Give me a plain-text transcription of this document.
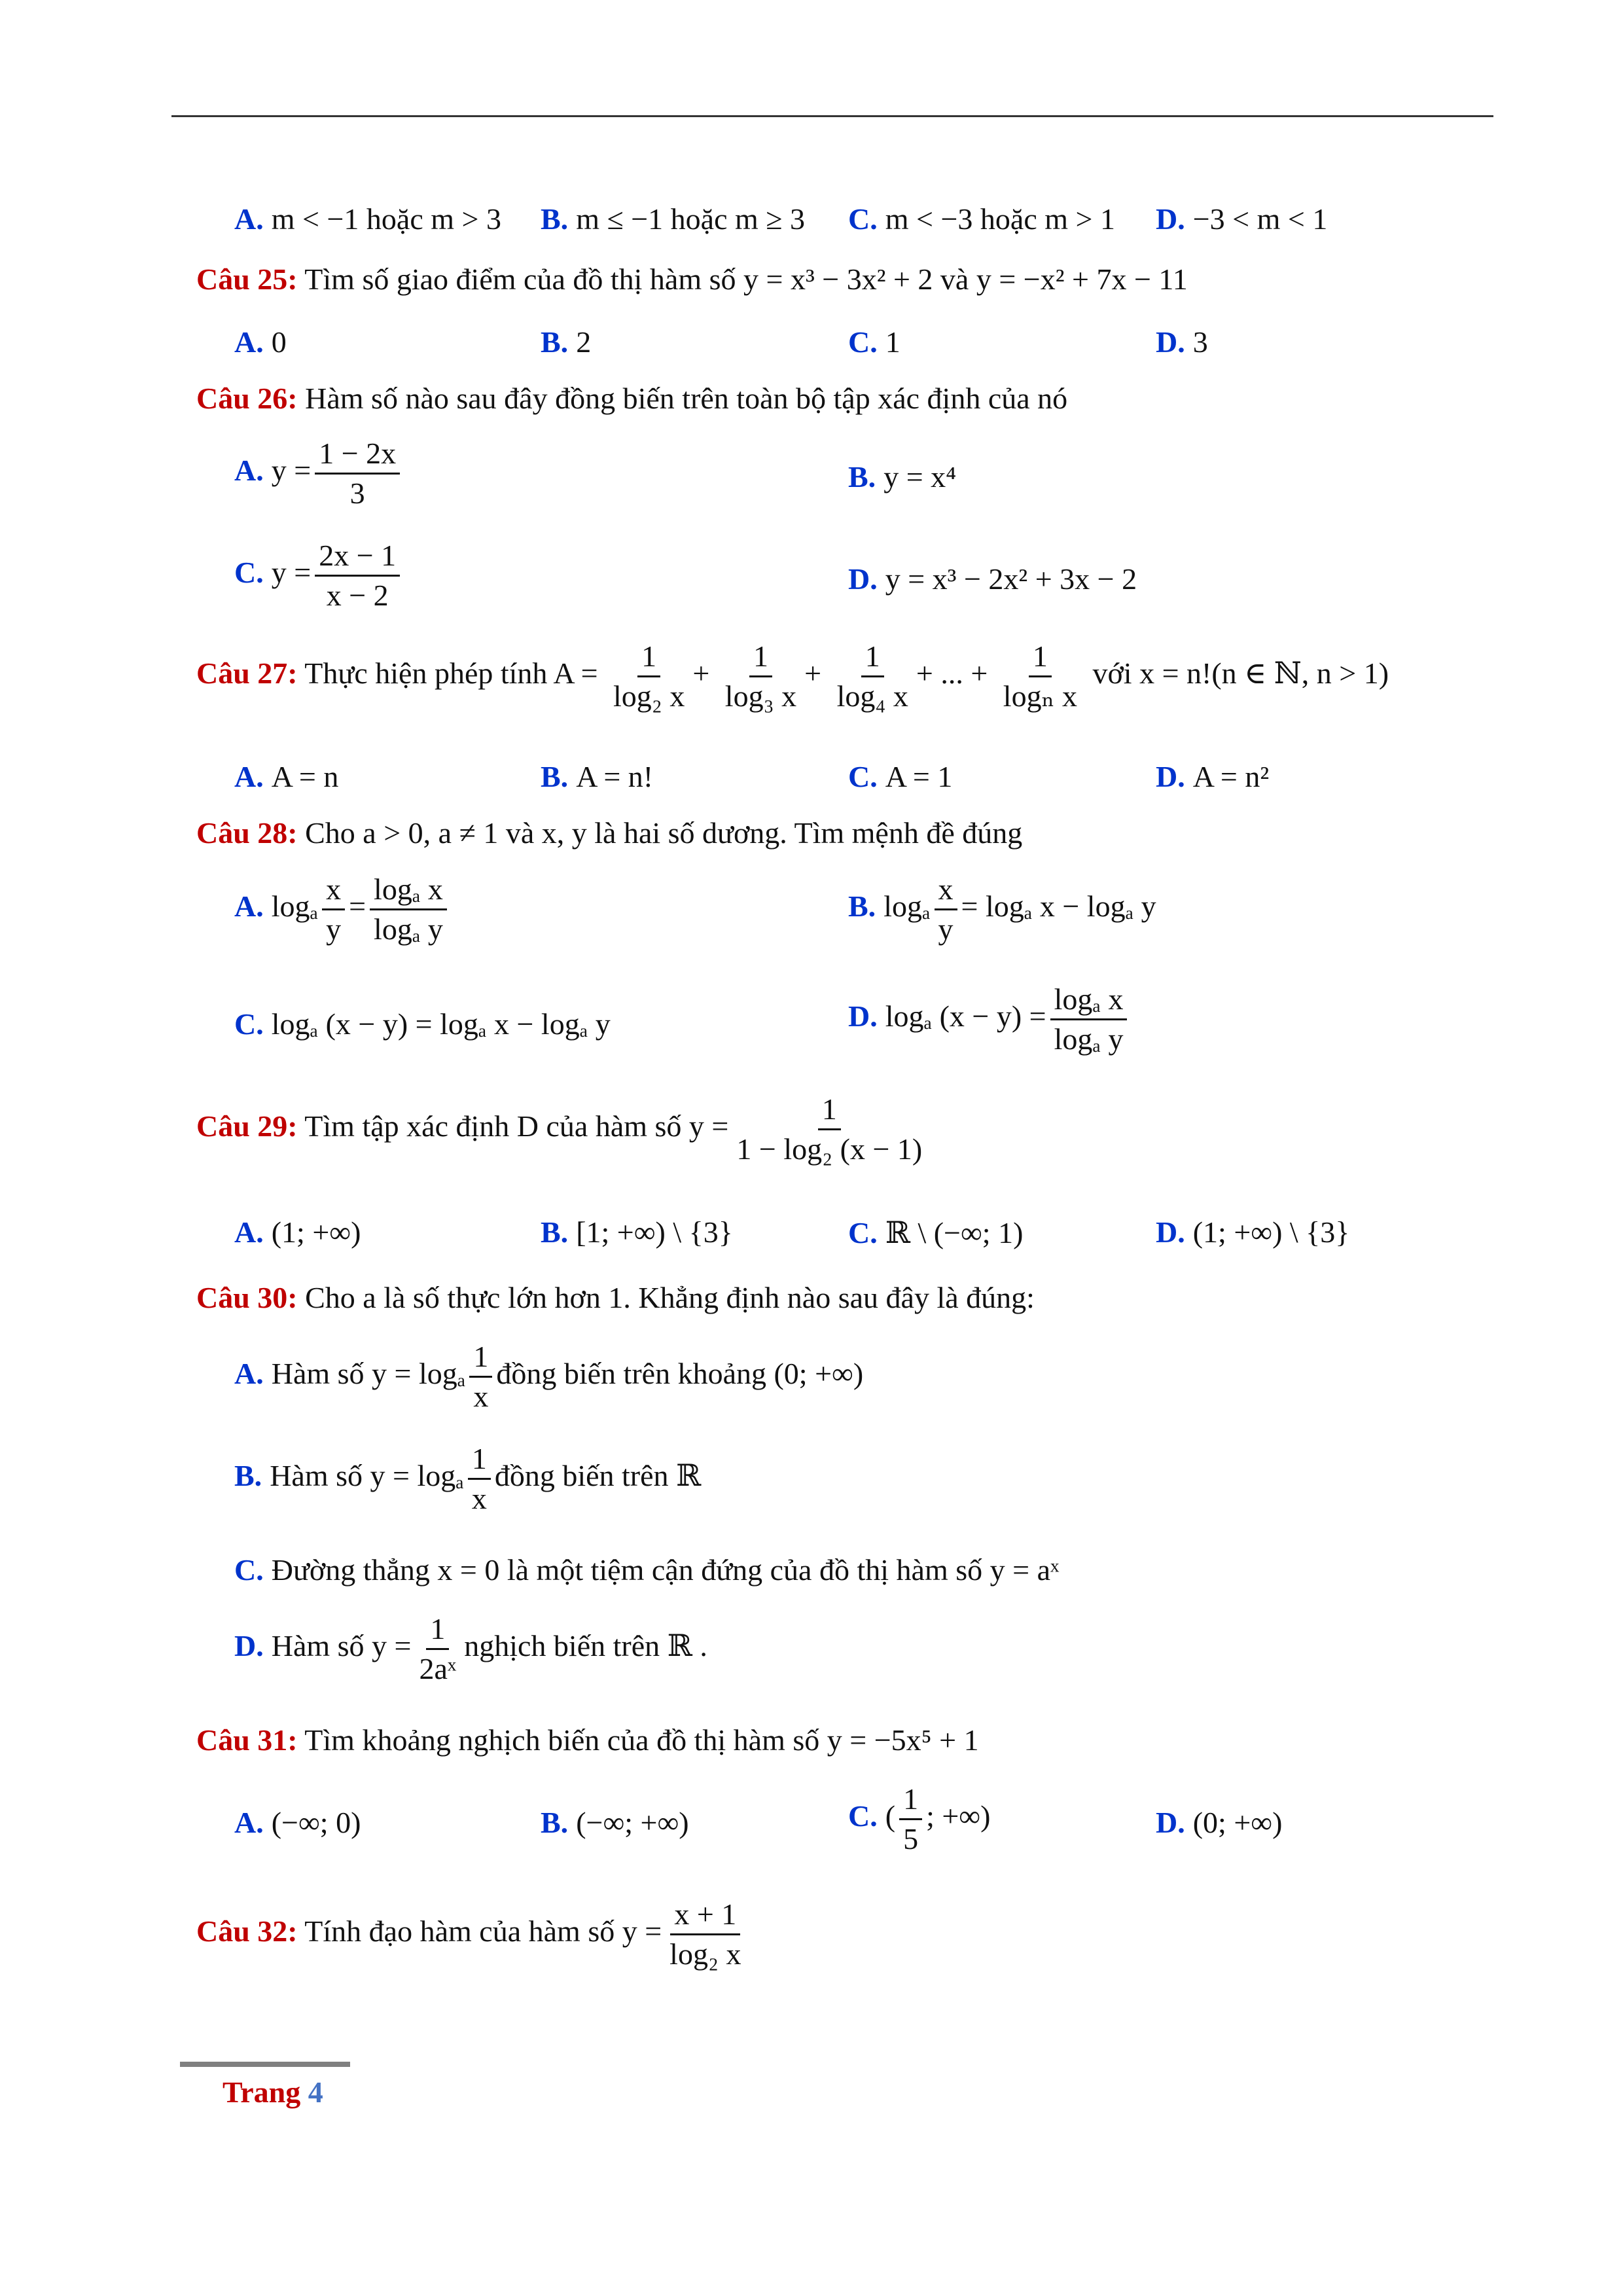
A. m < −1 hoặc m > 3 B. m ≤ −1 hoặc m ≥ 3 C. m < −3 hoặc m > 1 D. −3 < m < 1
Câu 25: Tìm số giao điểm của đồ thị hàm số y = x³ − 3x² + 2 và y = −x² + 7x − 11
A. 0	B. 2	C. 1	D. 3
Câu 26: Hàm số nào sau đây đồng biến trên toàn bộ tập xác định của nó
A. $y = \frac{1 - 2x}{3}$	B. y = x⁴
C. $y = \frac{2x - 1}{x - 2}$	D. y = x³ − 2x² + 3x − 2
Câu 27: Thực hiện phép tính $A = \frac{1}{\text{log₂ x}} + \frac{1}{\text{log₃ x}} + \frac{1}{\text{log₄ x}}$ + ... + $\frac{1}{\text{logₙ x}}$ với x = n!(n ∈ ℕ, n > 1)
A. A = n	B. A = n!	C. A = 1	D. A = n²
Câu 28: Cho a > 0, a ≠ 1 và x, y là hai số dương. Tìm mệnh đề đúng
A. logₐ $\frac{x}{y} = \frac{\text{logₐ x}}{\text{logₐ y}}$	B. logₐ $\frac{x}{y} = \log_a$ x − logₐ y
C. logₐ (x − y) = logₐ x − logₐ y	D. logₐ $(x - y) = \frac{\text{logₐ x}}{\text{logₐ y}}$
Câu 29: Tìm tập xác định D của hàm số $y = \frac{1}{\text{1 − log₂ (x − 1)}}$
A. (1; +∞)	B. [1; +∞) \ {3}	C. ℝ \ (−∞; 1)	D. (1; +∞) \ {3}
Câu 30: Cho a là số thực lớn hơn 1. Khẳng định nào sau đây là đúng:
A. Hàm số y = logₐ $\frac{1}{x}$ đồng biến trên khoảng (0; +∞)
B. Hàm số y = logₐ $\frac{1}{x}$ đồng biến trên ℝ
C. Đường thẳng x = 0 là một tiệm cận đứng của đồ thị hàm số y = aˣ
D. Hàm số $y = \frac{1}{\text{2aˣ}}$ nghịch biến trên ℝ .
Câu 31: Tìm khoảng nghịch biến của đồ thị hàm số y = −5x⁵ + 1
A. (−∞; 0)	B. (−∞; +∞)	C. ( $\frac{1}{5}$ ; +∞)	D. (0; +∞)
Câu 32: Tính đạo hàm của hàm số $y = \frac{x + 1}{\text{log₂ x}}$
Trang 4
